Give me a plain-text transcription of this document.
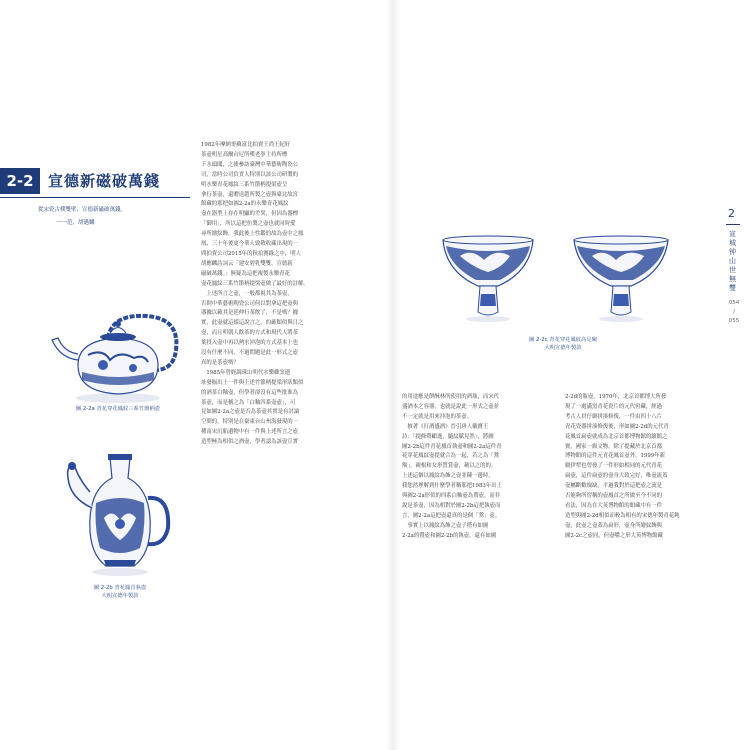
2-2 宣德新磁破萬錢
從宋瓷古樸雙壁、宣德新磁破萬錢。
一一范，胡邁麟
圖 2-2a 青花穿花鳳紋三系竹節柄壺
圖 2-2b 青花鳳首執壺
大明宣德年製款
圖 2-2c 青花穿花鳳紋高足碗
大明宣德年製款
1982年摩納哥蘇富比拍賣王尚王紀好
茶壺明星高爾台尼所嘆老拳主持所標
下水頭聞，之後參訪臺灣中華藝術陶瓷公
司，當時公司負責人特別以該公司研製的
明水樂青花鳳紋三系竹節柄提梁壺呈
拿行茶壺，還贈送趙所製之壺與臺北故宮
館藏的那把如圖2-2a的永樂青花鳳紋
壺在器型上存在明顯的差異，但因為器標
「御用」，所以這把仿製之壺也就同時愛
尋所繪紋飾，我此後上性鑑的故為壺中之鳳
凰，三十年後更今華人致敬收藏出現的一
間拍賣公司2015年的秋拍賽錄之中，明人
胡應麟詩詞云「建安碧乳雙雙，宣德新
磁破萬錢。」無疑為這把複製永樂青花
壺花鳳紋三系竹節柄提梁壺做了最好的註解。
　上述所言之壺，一般都視其為茶壺，
否則中華藝術陶瓷公司何以對拿這把壺與
器據以載其是延伸行茶飲了，不是嗎？據
實，此壺就這樣這說言之，的確類似與日之
壺，而且明朝人飲茶的方式和現代人將茶
葉投入壺中再以熱水沖泡的方式基本上也
沒有什麼不同，不過問題是此一形式之壺
真的是茶壺嗎？
　1985年曾經調珠山明代水樂御窯遺
址發掘出土一件與上述竹節柄提梁形狀類似
的酒茶白釉壺，但學者卻沒有這些批准為
茶壺，而是稱之為「白釉四系壺壺」，可
見如圖2-2a之壺是否為茶壺其實是有討論
空間的，特別是在臺東台山州海發現的一
種南宋沉船遺物中有一件與上述所言之壺
造型極為相似之酒壺，學者認為該壺宣實
的用途應是餅酥林所使用的酒瓶，而宋代
盛酒本之容器，也就是說此一形式之壺並
不一定就是用來沖泡的茶壺。
　披著《打酒盛酒》晉引唐人戴寶王
詩：「提條鶯顧逸，隨紋賦見然」，將圖
圖2-2b這件青花鳳首執壺和圖2-2a這件青
花穿花鳳紋壺提就合為一起，若之為「鶯
額」，親根和女形質賞壺，載以之的的。
上述這個以鳳紋為飾之壺並陳一邊時，
我您然理解到什麼學者稱那把1983年出土
與圖2-2a形似的四系白釉壺為鶯壺，而非
說是茶壺，因為相對於圖2-2b這把執壺而
言，圖2-2a這把壺還真的是個「鶯」壺。
　事實上以鳳紋為飾之壺子搭有如圖
2-2a的鶯壺和圖2-2b的執壺，還有如圖
2-2d的瓶壺，1970年，北京首都博大所發
現了一處滿窯青花瓷片的元代窖藏，經過
考古人員仔細拼湊修復，一件由四十八片
青花瓷器拼湊修復後，形如圖2-2d的元代青
花鳳首扁壺就成為北京首都博物館的鎮館之
寶，國家一級文物。除了提藏於北京首都
博物館的這件元青花鳳首壺外，1999年新
疆伊犁也曾發了一件形如相同的元代青花
扁壺，這件扁壺的壺身大致完好，唯壺流蓋
壺屬斷數塊缺，平過我對於這把壺之流是
否能夠所習稱的壺鳳首之所做至今不同的
看法，因為在大英博物館的館藏中有一件
造型與圖2-2d相似而較為相有的宋德年製青花鈍
壺，此壺之壺蓋為扁形，壺身所繪紋飾與
圖2-2c之壺同，但壺嘴之形大英博物館藏
2
宣城钟山世無雙
054
/
055
